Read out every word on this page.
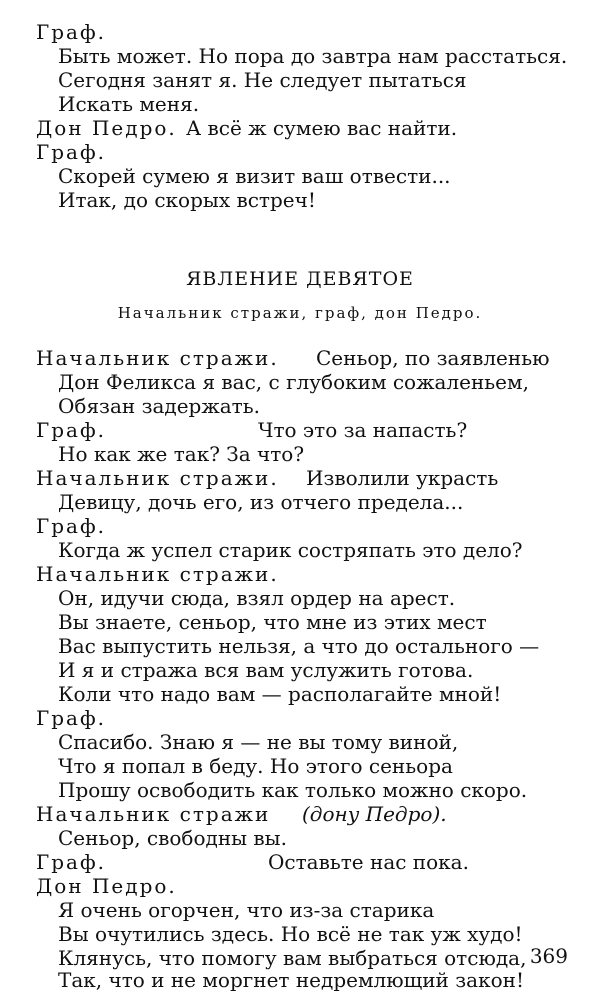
Граф.
Быть может. Но пора до завтра нам расстаться.
Сегодня занят я. Не следует пытаться
Искать меня.
Дон Педро. А всё ж сумею вас найти.
Граф.
Скорей сумею я визит ваш отвести...
Итак, до скорых встреч!
ЯВЛЕНИЕ ДЕВЯТОЕ
Начальник стражи, граф, дон Педро.
Начальник стражи. Сеньор, по заявленью
Дон Феликса я вас, с глубоким сожаленьем,
Обязан задержать.
Граф.	Что это за напасть?
Но как же так? За что?
Начальник стражи. Изволили украсть
Девицу, дочь его, из отчего предела...
Граф.
Когда ж успел старик состряпать это дело?
Начальник стражи.
Он, идучи сюда, взял ордер на арест.
Вы знаете, сеньор, что мне из этих мест
Вас выпустить нельзя, а что до остального —
И я и стража вся вам услужить готова.
Коли что надо вам — располагайте мной!
Граф.
Спасибо. Знаю я — не вы тому виной,
Что я попал в беду. Но этого сеньора
Прошу освободить как только можно скоро.
Начальник стражи (дону Педро).
Сеньор, свободны вы.
Граф.	Оставьте нас пока.
Дон Педро.
Я очень огорчен, что из-за старика
Вы очутились здесь. Но всё не так уж худо!
Клянусь, что помогу вам выбраться отсюда,
Так, что и не моргнет недремлющий закон!
369
